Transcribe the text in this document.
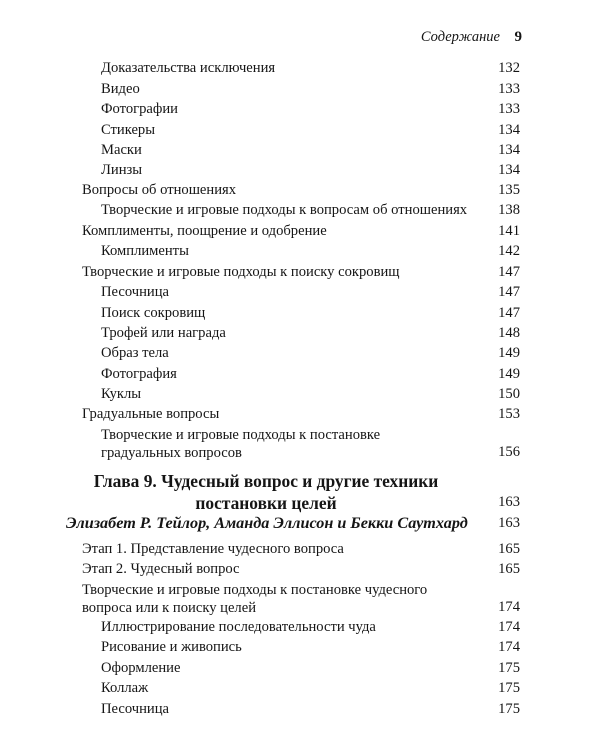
Содержание 9
Доказательства исключения	132
Видео	133
Фотографии	133
Стикеры	134
Маски	134
Линзы	134
Вопросы об отношениях	135
Творческие и игровые подходы к вопросам об отношениях 138
Комплименты, поощрение и одобрение	141
Комплименты	142
Творческие и игровые подходы к поиску сокровищ	147
Песочница	147
Поиск сокровищ	147
Трофей или награда	148
Образ тела	149
Фотография	149
Куклы	150
Градуальные вопросы	153
Творческие и игровые подходы к постановке
градуальных вопросов	156
Глава 9. Чудесный вопрос и другие техники
постановки целей	163
Элизабет Р. Тейлор, Аманда Эллисон и Бекки Саутхард 163
Этап 1. Представление чудесного вопроса	165
Этап 2. Чудесный вопрос	165
Творческие и игровые подходы к постановке чудесного
вопроса или к поиску целей	174
Иллюстрирование последовательности чуда	174
Рисование и живопись	174
Оформление	175
Коллаж	175
Песочница	175
